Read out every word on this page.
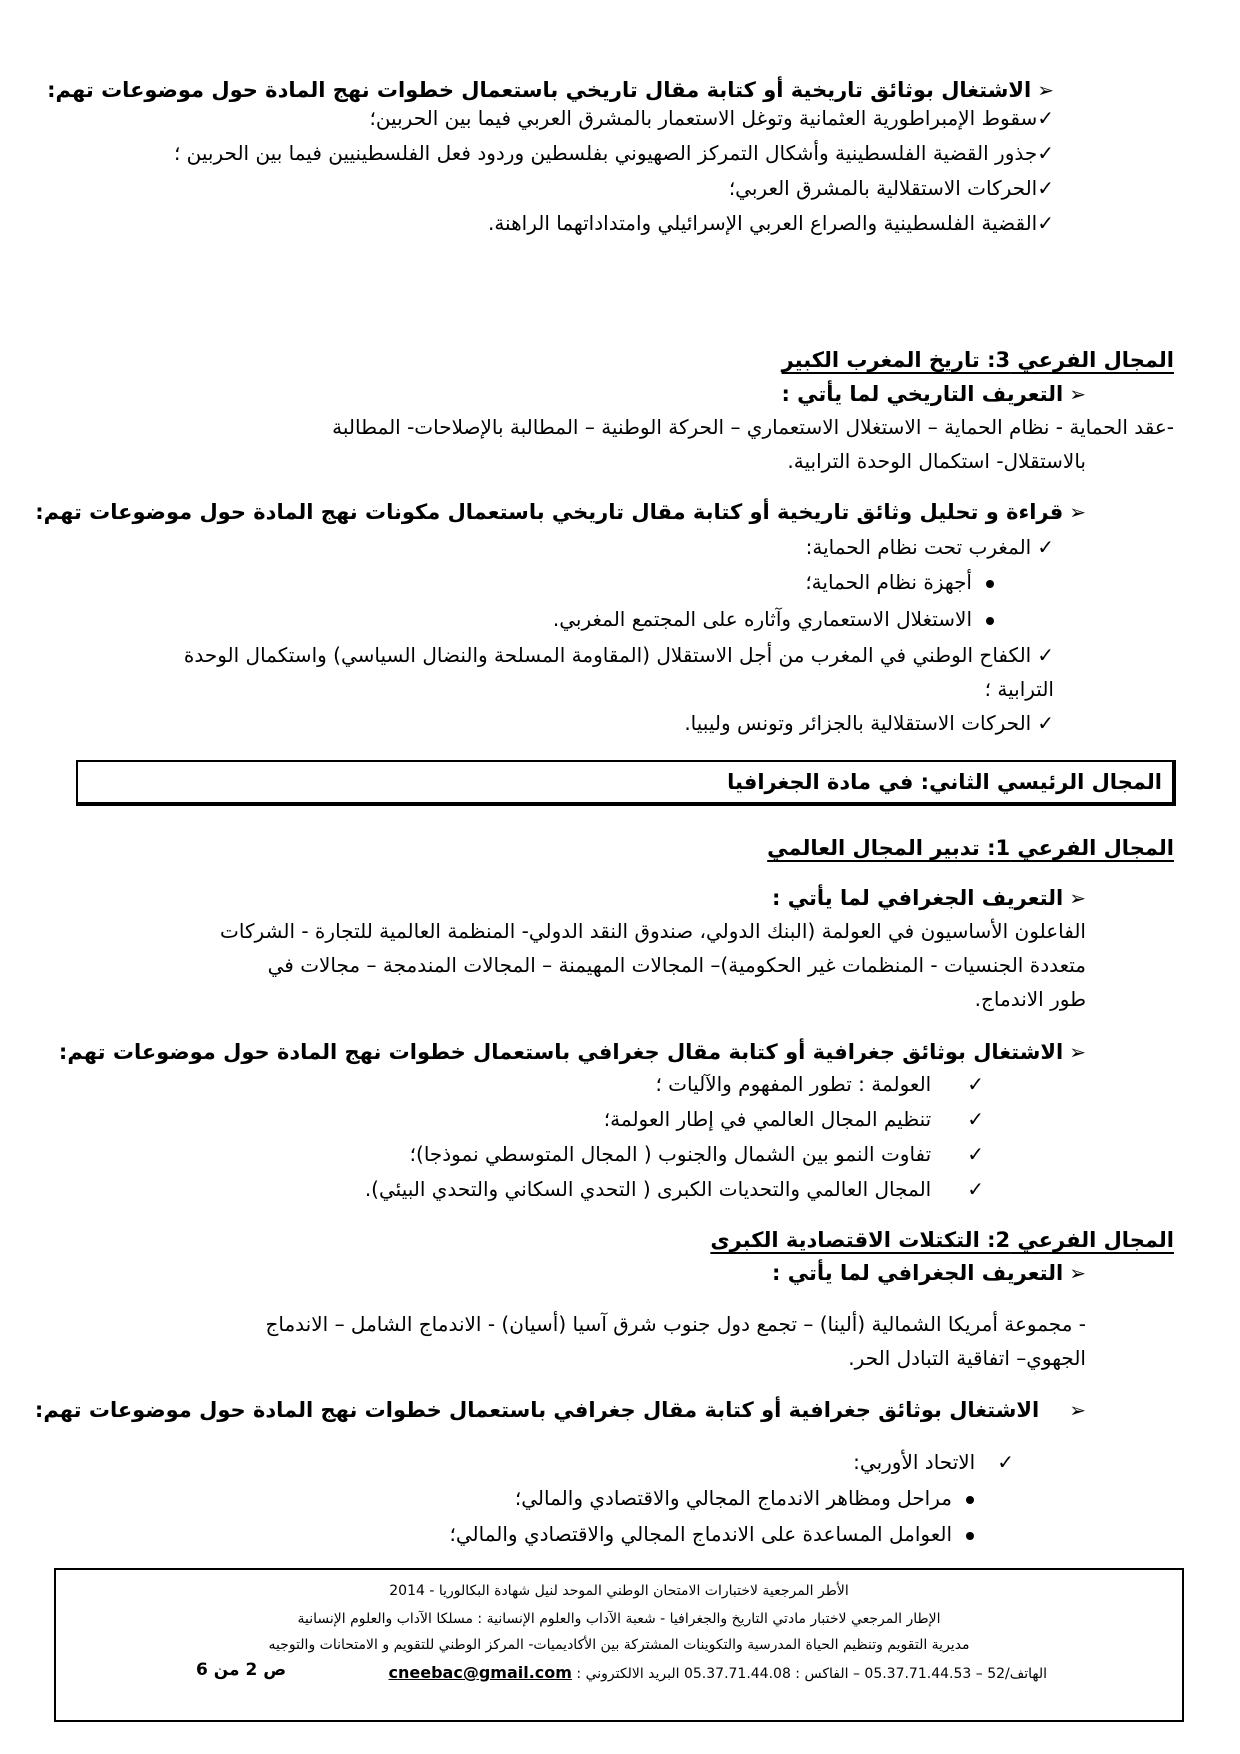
➢الاشتغال بوثائق تاريخية أو كتابة مقال تاريخي باستعمال خطوات نهج المادة حول موضوعات تهم:
✓سقوط الإمبراطورية العثمانية وتوغل الاستعمار بالمشرق العربي فيما بين الحربين؛
✓جذور القضية الفلسطينية وأشكال التمركز الصهيوني بفلسطين وردود فعل الفلسطينيين فيما بين الحربين ؛
✓الحركات الاستقلالية بالمشرق العربي؛
✓القضية الفلسطينية والصراع العربي الإسرائيلي وامتداداتهما الراهنة.
المجال الفرعي 3: تاريخ المغرب الكبير
➢التعريف التاريخي لما يأتي :
-عقد الحماية - نظام الحماية – الاستغلال الاستعماري – الحركة الوطنية – المطالبة بالإصلاحات- المطالبة
بالاستقلال- استكمال الوحدة الترابية.
➢قراءة و تحليل وثائق تاريخية أو كتابة مقال تاريخي باستعمال مكونات نهج المادة حول موضوعات تهم:
✓المغرب تحت نظام الحماية:
أجهزة نظام الحماية؛
الاستغلال الاستعماري وآثاره على المجتمع المغربي.
✓الكفاح الوطني في المغرب من أجل الاستقلال (المقاومة المسلحة والنضال السياسي) واستكمال الوحدة
الترابية ؛
✓الحركات الاستقلالية بالجزائر وتونس وليبيا.
المجال الرئيسي الثاني: في مادة الجغرافيا
المجال الفرعي 1: تدبير المجال العالمي
➢التعريف الجغرافي لما يأتي :
الفاعلون الأساسيون في العولمة (البنك الدولي، صندوق النقد الدولي- المنظمة العالمية للتجارة - الشركات
متعددة الجنسيات - المنظمات غير الحكومية)– المجالات المهيمنة – المجالات المندمجة – مجالات في
طور الاندماج.
➢الاشتغال بوثائق جغرافية أو كتابة مقال جغرافي باستعمال خطوات نهج المادة حول موضوعات تهم:
✓العولمة : تطور المفهوم والآليات ؛
✓تنظيم المجال العالمي في إطار العولمة؛
✓تفاوت النمو بين الشمال والجنوب ( المجال المتوسطي نموذجا)؛
✓المجال العالمي والتحديات الكبرى ( التحدي السكاني والتحدي البيئي).
المجال الفرعي 2: التكتلات الاقتصادية الكبرى
➢التعريف الجغرافي لما يأتي :
- مجموعة أمريكا الشمالية (ألينا) – تجمع دول جنوب شرق آسيا (أسيان) - الاندماج الشامل – الاندماج
الجهوي– اتفاقية التبادل الحر.
➢الاشتغال بوثائق جغرافية أو كتابة مقال جغرافي باستعمال خطوات نهج المادة حول موضوعات تهم:
✓الاتحاد الأوربي:
مراحل ومظاهر الاندماج المجالي والاقتصادي والمالي؛
العوامل المساعدة على الاندماج المجالي والاقتصادي والمالي؛
الأطر المرجعية لاختبارات الامتحان الوطني الموحد لنيل شهادة البكالوريا - 2014
الإطار المرجعي لاختبار مادتي التاريخ والجغرافيا - شعبة الآداب والعلوم الإنسانية : مسلكا الآداب والعلوم الإنسانية
مديرية التقويم وتنظيم الحياة المدرسية والتكوينات المشتركة بين الأكاديميات- المركز الوطني للتقويم و الامتحانات والتوجيه
الهاتف/52 – 05.37.71.44.53 – الفاكس : 05.37.71.44.08 البريد الالكتروني : cneebac@gmail.com
ص 2 من 6
